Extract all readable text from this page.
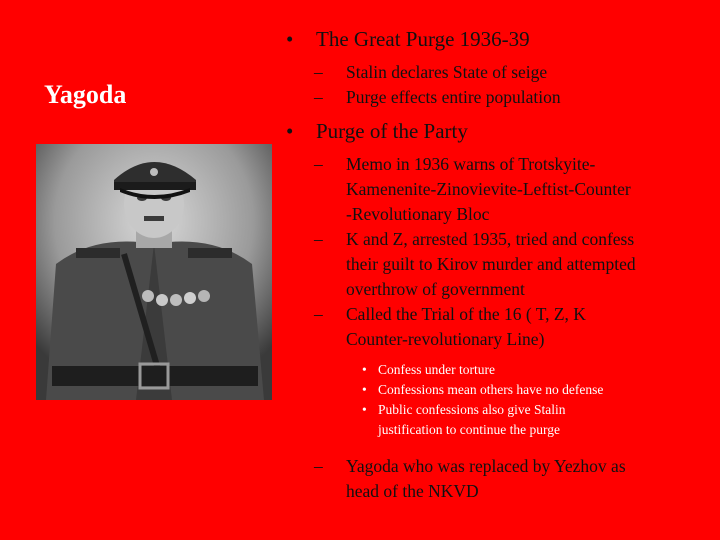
Yagoda
• The Great Purge 1936-39
– Stalin declares State of seige
– Purge effects entire population
• Purge of the Party
– Memo in 1936 warns of Trotskyite-
Kamenenite-Zinovievite-Leftist-Counter
-Revolutionary Bloc
– K and Z, arrested 1935, tried and confess
their guilt to Kirov murder and attempted
overthrow of government
– Called the Trial of the 16 ( T, Z, K
Counter-revolutionary Line)
• Confess under torture
• Confessions mean others have no defense
• Public confessions also give Stalin
justification to continue the purge
– Yagoda who was replaced by Yezhov as
head of the NKVD
